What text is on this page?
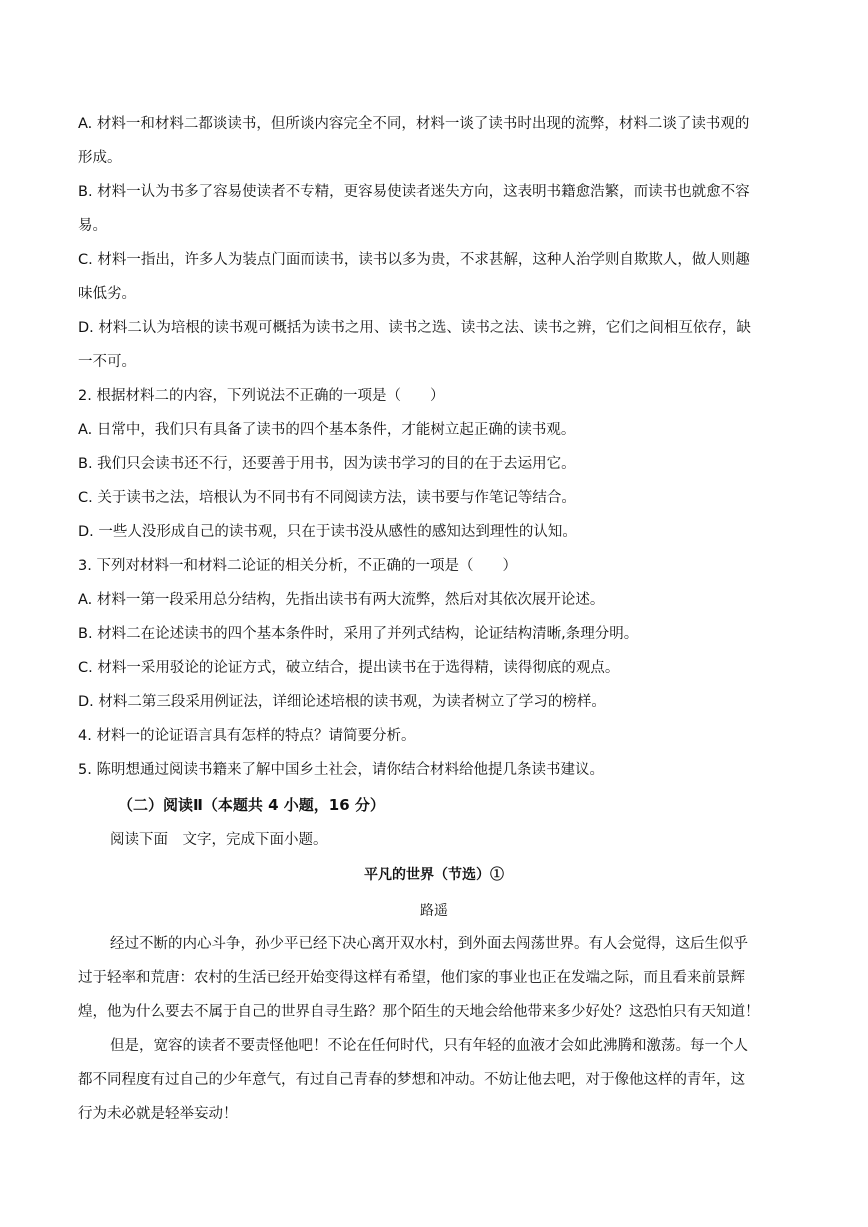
A. 材料一和材料二都谈读书，但所谈内容完全不同，材料一谈了读书时出现的流弊，材料二谈了读书观的
形成。
B. 材料一认为书多了容易使读者不专精，更容易使读者迷失方向，这表明书籍愈浩繁，而读书也就愈不容
易。
C. 材料一指出，许多人为装点门面而读书，读书以多为贵，不求甚解，这种人治学则自欺欺人，做人则趣
味低劣。
D. 材料二认为培根的读书观可概括为读书之用、读书之选、读书之法、读书之辨，它们之间相互依存，缺
一不可。
2. 根据材料二的内容，下列说法不正确的一项是（　　）
A. 日常中，我们只有具备了读书的四个基本条件，才能树立起正确的读书观。
B. 我们只会读书还不行，还要善于用书，因为读书学习的目的在于去运用它。
C. 关于读书之法，培根认为不同书有不同阅读方法，读书要与作笔记等结合。
D. 一些人没形成自己的读书观，只在于读书没从感性的感知达到理性的认知。
3. 下列对材料一和材料二论证的相关分析，不正确的一项是（　　）
A. 材料一第一段采用总分结构，先指出读书有两大流弊，然后对其依次展开论述。
B. 材料二在论述读书的四个基本条件时，采用了并列式结构，论证结构清晰,条理分明。
C. 材料一采用驳论的论证方式，破立结合，提出读书在于选得精，读得彻底的观点。
D. 材料二第三段采用例证法，详细论述培根的读书观，为读者树立了学习的榜样。
4. 材料一的论证语言具有怎样的特点？请简要分析。
5. 陈明想通过阅读书籍来了解中国乡土社会，请你结合材料给他提几条读书建议。
（二）阅读Ⅱ（本题共 4 小题，16 分）
阅读下面　文字，完成下面小题。
平凡的世界（节选）①
路遥
经过不断的内心斗争，孙少平已经下决心离开双水村，到外面去闯荡世界。有人会觉得，这后生似乎
过于轻率和荒唐：农村的生活已经开始变得这样有希望，他们家的事业也正在发端之际，而且看来前景辉
煌，他为什么要去不属于自己的世界自寻生路？那个陌生的天地会给他带来多少好处？这恐怕只有天知道！
但是，宽容的读者不要责怪他吧！不论在任何时代，只有年轻的血液才会如此沸腾和激荡。每一个人
都不同程度有过自己的少年意气，有过自己青春的梦想和冲动。不妨让他去吧，对于像他这样的青年，这
行为未必就是轻举妄动！
